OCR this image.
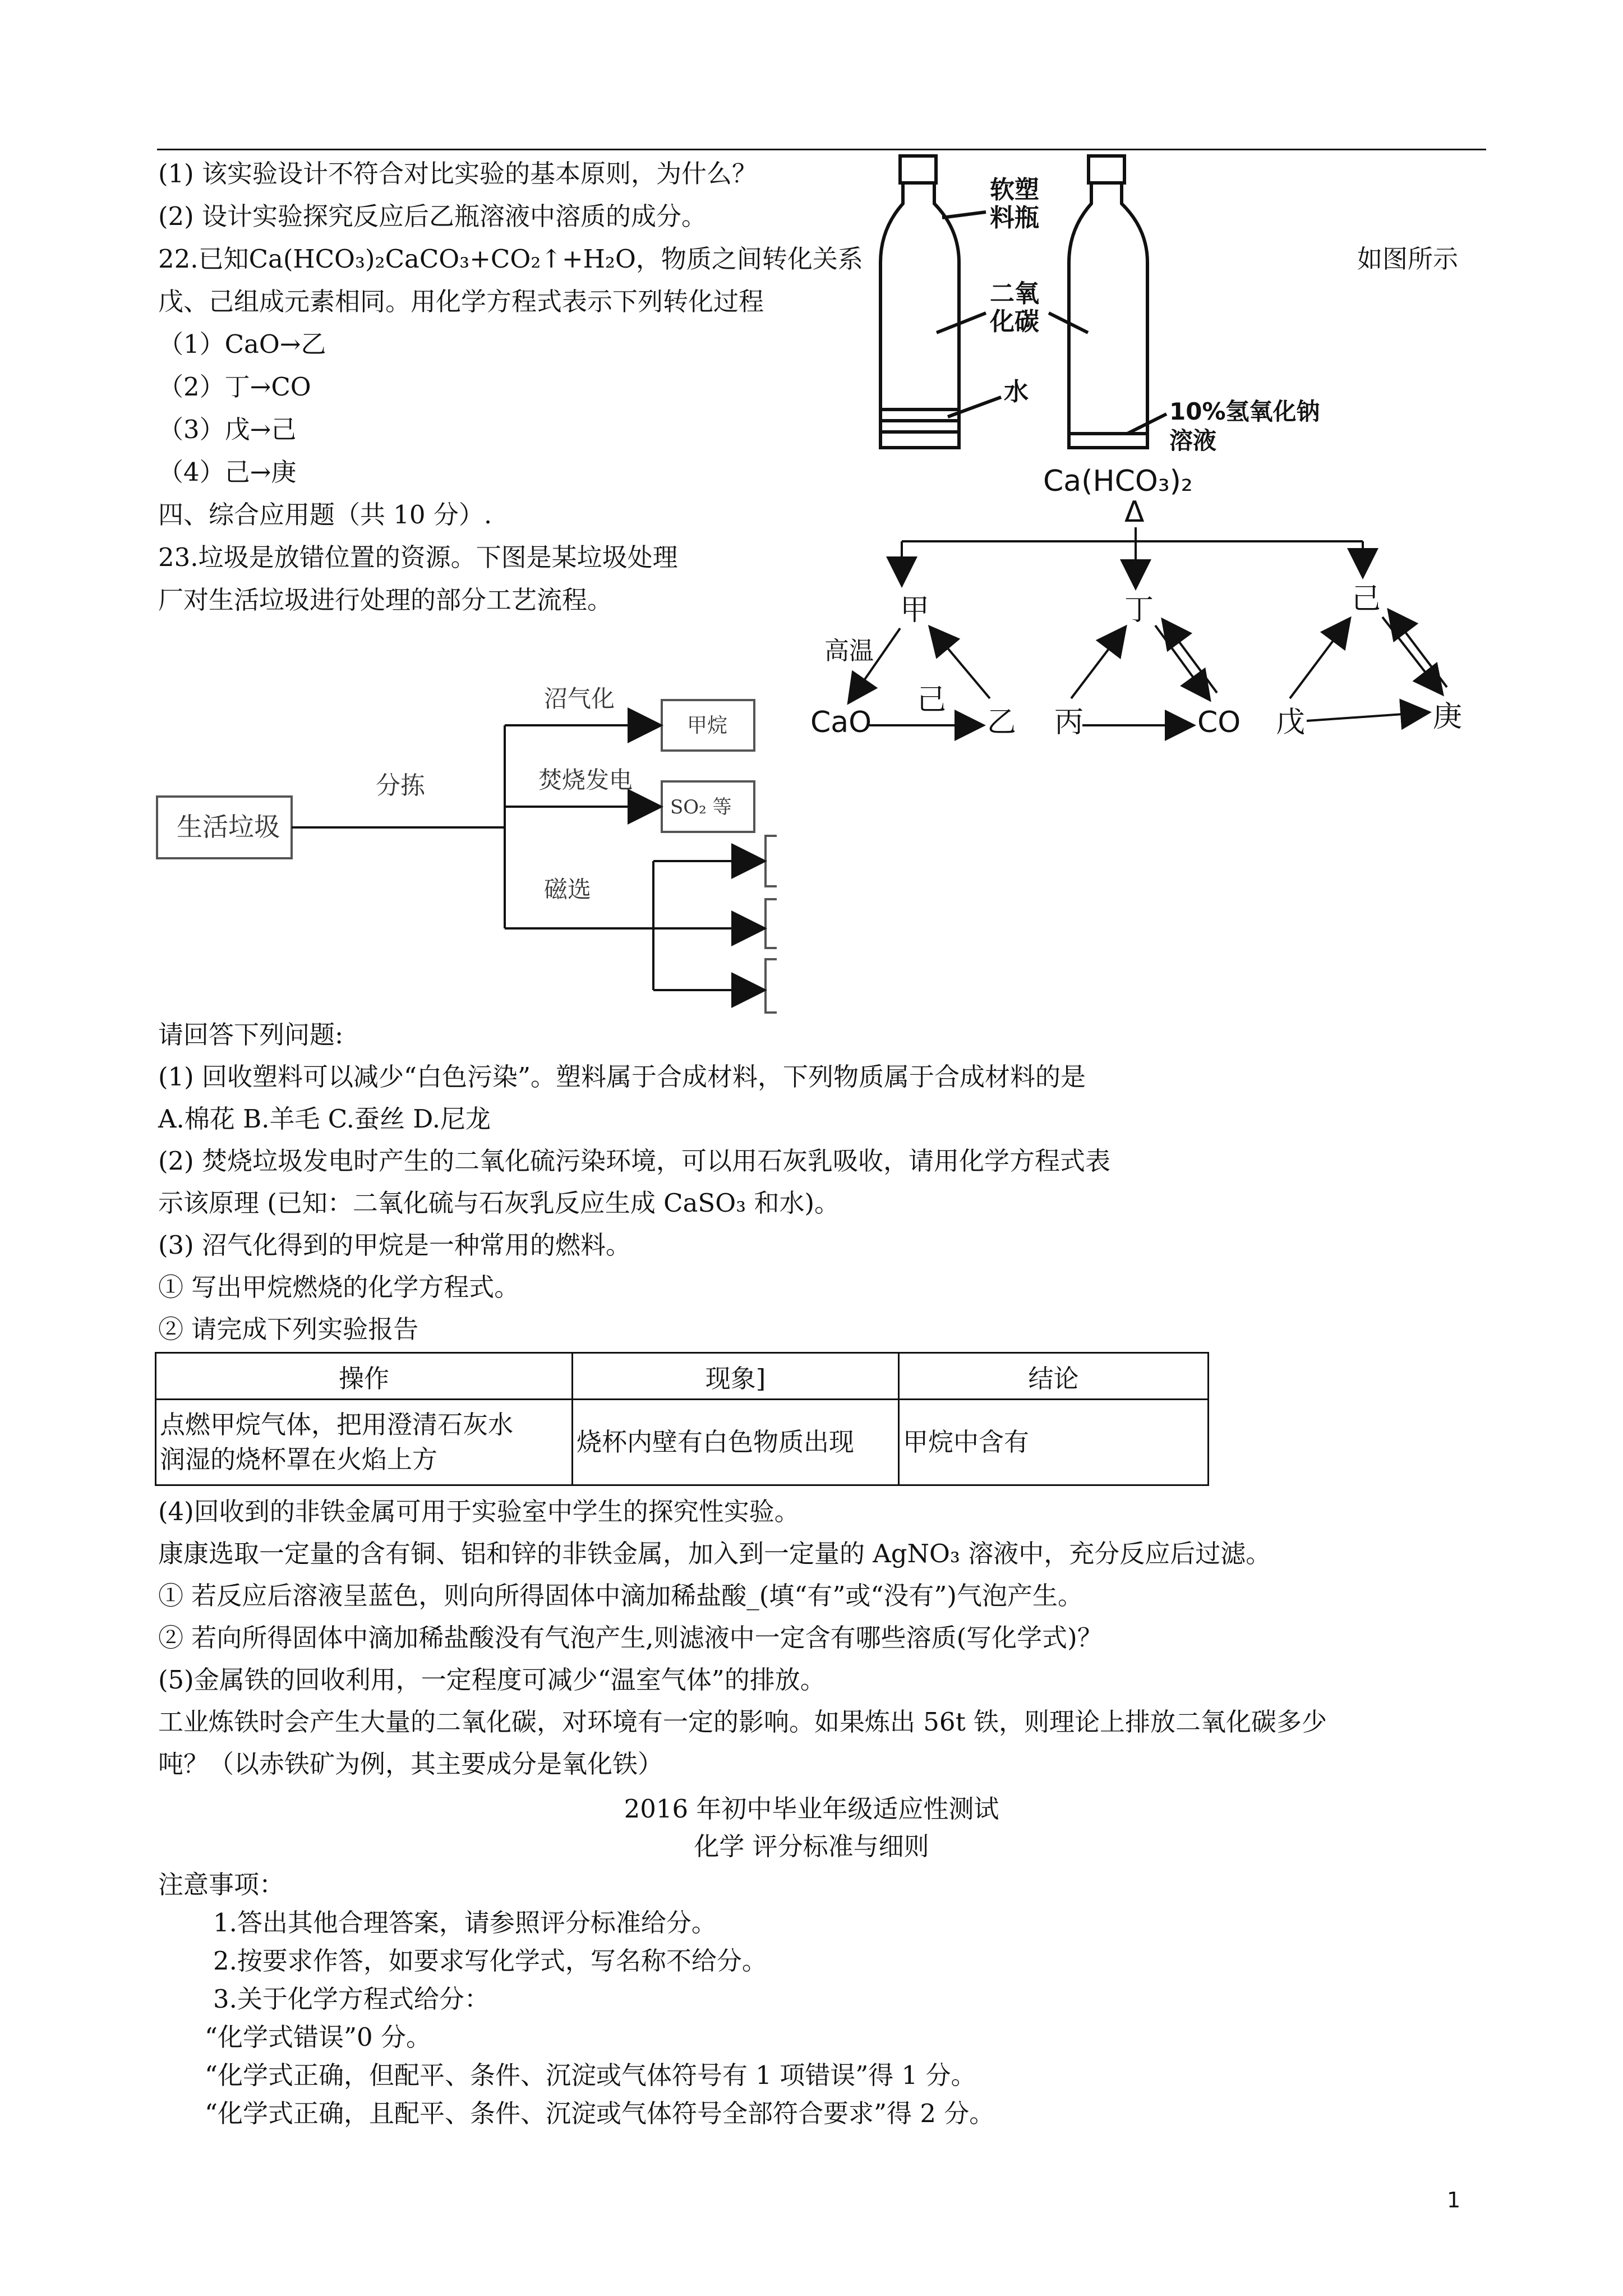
(1) 该实验设计不符合对比实验的基本原则，为什么？
(2) 设计实验探究反应后乙瓶溶液中溶质的成分。
22.已知Ca(HCO₃)₂CaCO₃+CO₂↑+H₂O，物质之间转化关系	如图所示
戊、己组成元素相同。用化学方程式表示下列转化过程
（1）CaO→乙
（2）丁→CO
（3）戊→己
（4）己→庚
四、综合应用题（共 10 分）.
23.垃圾是放错位置的资源。下图是某垃圾处理
厂对生活垃圾进行处理的部分工艺流程。
软塑
料瓶
二氧
化碳
水
10%氢氧化钠
溶液
Ca(HCO₃)₂
Δ
甲	丁	己
高温
CaO
己
乙 丙	CO 戊	庚
生活垃圾
分拣
沼气化
甲烷
焚烧发电
SO₂ 等
磁选
请回答下列问题:
(1) 回收塑料可以减少“白色污染”。塑料属于合成材料，下列物质属于合成材料的是
A.棉花 B.羊毛 C.蚕丝 D.尼龙
(2) 焚烧垃圾发电时产生的二氧化硫污染环境，可以用石灰乳吸收，请用化学方程式表
示该原理 (已知：二氧化硫与石灰乳反应生成 CaSO₃ 和水)。
(3) 沼气化得到的甲烷是一种常用的燃料。
① 写出甲烷燃烧的化学方程式。
② 请完成下列实验报告
操作	现象]	结论
点燃甲烷气体，把用澄清石灰水
润湿的烧杯罩在火焰上方	烧杯内壁有白色物质出现	甲烷中含有
(4)回收到的非铁金属可用于实验室中学生的探究性实验。
康康选取一定量的含有铜、铝和锌的非铁金属，加入到一定量的 AgNO₃ 溶液中，充分反应后过滤。
① 若反应后溶液呈蓝色，则向所得固体中滴加稀盐酸_(填“有”或“没有”)气泡产生。
② 若向所得固体中滴加稀盐酸没有气泡产生,则滤液中一定含有哪些溶质(写化学式)？
(5)金属铁的回收利用，一定程度可减少“温室气体”的排放。
工业炼铁时会产生大量的二氧化碳，对环境有一定的影响。如果炼出 56t 铁，则理论上排放二氧化碳多少
吨？（以赤铁矿为例，其主要成分是氧化铁）
2016 年初中毕业年级适应性测试
化学 评分标准与细则
注意事项：
1.答出其他合理答案，请参照评分标准给分。
2.按要求作答，如要求写化学式，写名称不给分。
3.关于化学方程式给分：
“化学式错误”0 分。
“化学式正确，但配平、条件、沉淀或气体符号有 1 项错误”得 1 分。
“化学式正确，且配平、条件、沉淀或气体符号全部符合要求”得 2 分。
1
